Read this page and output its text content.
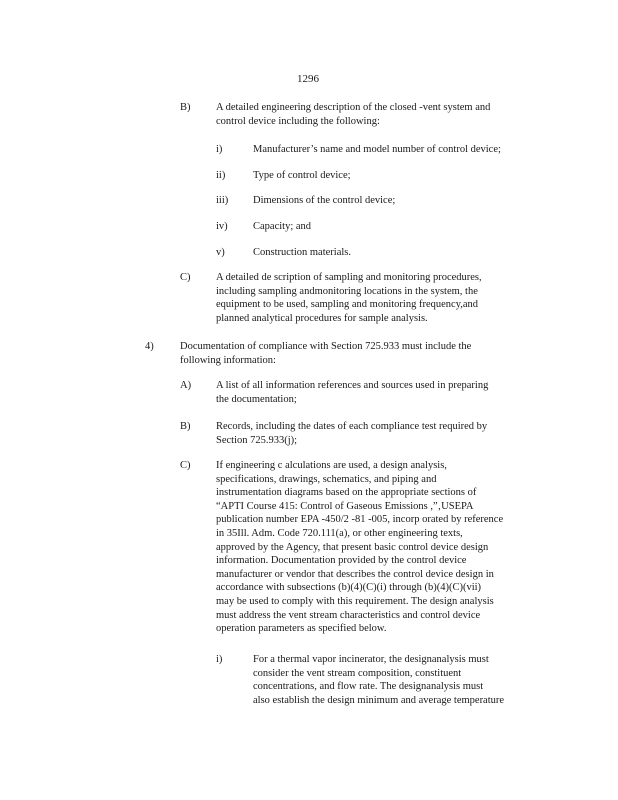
1296
B) A detailed engineering description of the closed -vent system and
control device including the following:
i)	Manufacturer’s name and model number of control device;
ii)	Type of control device;
iii) Dimensions of the control device;
iv) Capacity; and
v)	Construction materials.
C) A detailed de scription of sampling and monitoring procedures,
including sampling andmonitoring locations in the system, the
equipment to be used, sampling and monitoring frequency,and
planned analytical procedures for sample analysis.
4)	Documentation of compliance with Section 725.933 must include the
following information:
A) A list of all information references and sources used in preparing
the documentation;
B) Records, including the dates of each compliance test required by
Section 725.933(j);
C) If engineering c alculations are used, a design analysis,
specifications, drawings, schematics, and piping and
instrumentation diagrams based on the appropriate sections of
“APTI Course 415: Control of Gaseous Emissions ,”‚USEPA
publication number EPA -450/2 -81 -005, incorp orated by reference
in 35Ill. Adm. Code 720.111(a), or other engineering texts,
approved by the Agency, that present basic control device design
information. Documentation provided by the control device
manufacturer or vendor that describes the control device design in
accordance with subsections (b)(4)(C)(i) through (b)(4)(C)(vii)
may be used to comply with this requirement. The design analysis
must address the vent stream characteristics and control device
operation parameters as specified below.
i)	For a thermal vapor incinerator, the designanalysis must
consider the vent stream composition, constituent
concentrations, and flow rate. The designanalysis must
also establish the design minimum and average temperature
